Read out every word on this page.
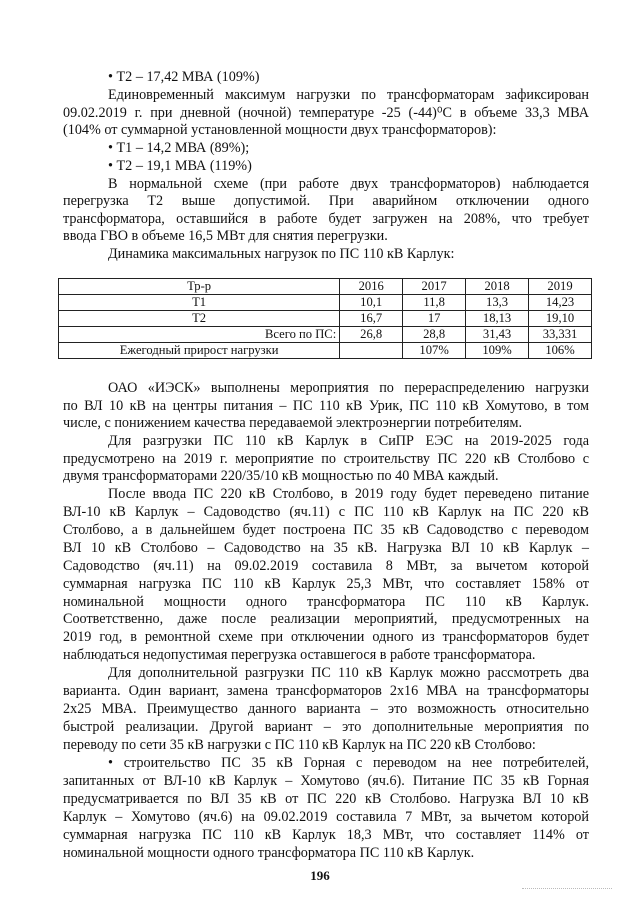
• Т2 – 17,42 МВА (109%)
Единовременный максимум нагрузки по трансформаторам зафиксирован
09.02.2019 г. при дневной (ночной) температуре -25 (-44)⁰С в объеме 33,3 МВА
(104% от суммарной установленной мощности двух трансформаторов):
• Т1 – 14,2 МВА (89%);
• Т2 – 19,1 МВА (119%)
В нормальной схеме (при работе двух трансформаторов) наблюдается
перегрузка Т2 выше допустимой. При аварийном отключении одного
трансформатора, оставшийся в работе будет загружен на 208%, что требует
ввода ГВО в объеме 16,5 МВт для снятия перегрузки.
Динамика максимальных нагрузок по ПС 110 кВ Карлук:
Тр-р	2016	2017	2018	2019
Т1	10,1	11,8	13,3	14,23
Т2	16,7	17	18,13	19,10
Всего по ПС:	26,8	28,8	31,43	33,331
Ежегодный прирост нагрузки		107%	109%	106%
ОАО «ИЭСК» выполнены мероприятия по перераспределению нагрузки
по ВЛ 10 кВ на центры питания – ПС 110 кВ Урик, ПС 110 кВ Хомутово, в том
числе, с понижением качества передаваемой электроэнергии потребителям.
Для разгрузки ПС 110 кВ Карлук в СиПР ЕЭС на 2019-2025 года
предусмотрено на 2019 г. мероприятие по строительству ПС 220 кВ Столбово с
двумя трансформаторами 220/35/10 кВ мощностью по 40 МВА каждый.
После ввода ПС 220 кВ Столбово, в 2019 году будет переведено питание
ВЛ-10 кВ Карлук – Садоводство (яч.11) с ПС 110 кВ Карлук на ПС 220 кВ
Столбово, а в дальнейшем будет построена ПС 35 кВ Садоводство с переводом
ВЛ 10 кВ Столбово – Садоводство на 35 кВ. Нагрузка ВЛ 10 кВ Карлук –
Садоводство (яч.11) на 09.02.2019 составила 8 МВт, за вычетом которой
суммарная нагрузка ПС 110 кВ Карлук 25,3 МВт, что составляет 158% от
номинальной мощности одного трансформатора ПС 110 кВ Карлук.
Соответственно, даже после реализации мероприятий, предусмотренных на
2019 год, в ремонтной схеме при отключении одного из трансформаторов будет
наблюдаться недопустимая перегрузка оставшегося в работе трансформатора.
Для дополнительной разгрузки ПС 110 кВ Карлук можно рассмотреть два
варианта. Один вариант, замена трансформаторов 2х16 МВА на трансформаторы
2х25 МВА. Преимущество данного варианта – это возможность относительно
быстрой реализации. Другой вариант – это дополнительные мероприятия по
переводу по сети 35 кВ нагрузки с ПС 110 кВ Карлук на ПС 220 кВ Столбово:
• строительство ПС 35 кВ Горная с переводом на нее потребителей,
запитанных от ВЛ-10 кВ Карлук – Хомутово (яч.6). Питание ПС 35 кВ Горная
предусматривается по ВЛ 35 кВ от ПС 220 кВ Столбово. Нагрузка ВЛ 10 кВ
Карлук – Хомутово (яч.6) на 09.02.2019 составила 7 МВт, за вычетом которой
суммарная нагрузка ПС 110 кВ Карлук 18,3 МВт, что составляет 114% от
номинальной мощности одного трансформатора ПС 110 кВ Карлук.
196
